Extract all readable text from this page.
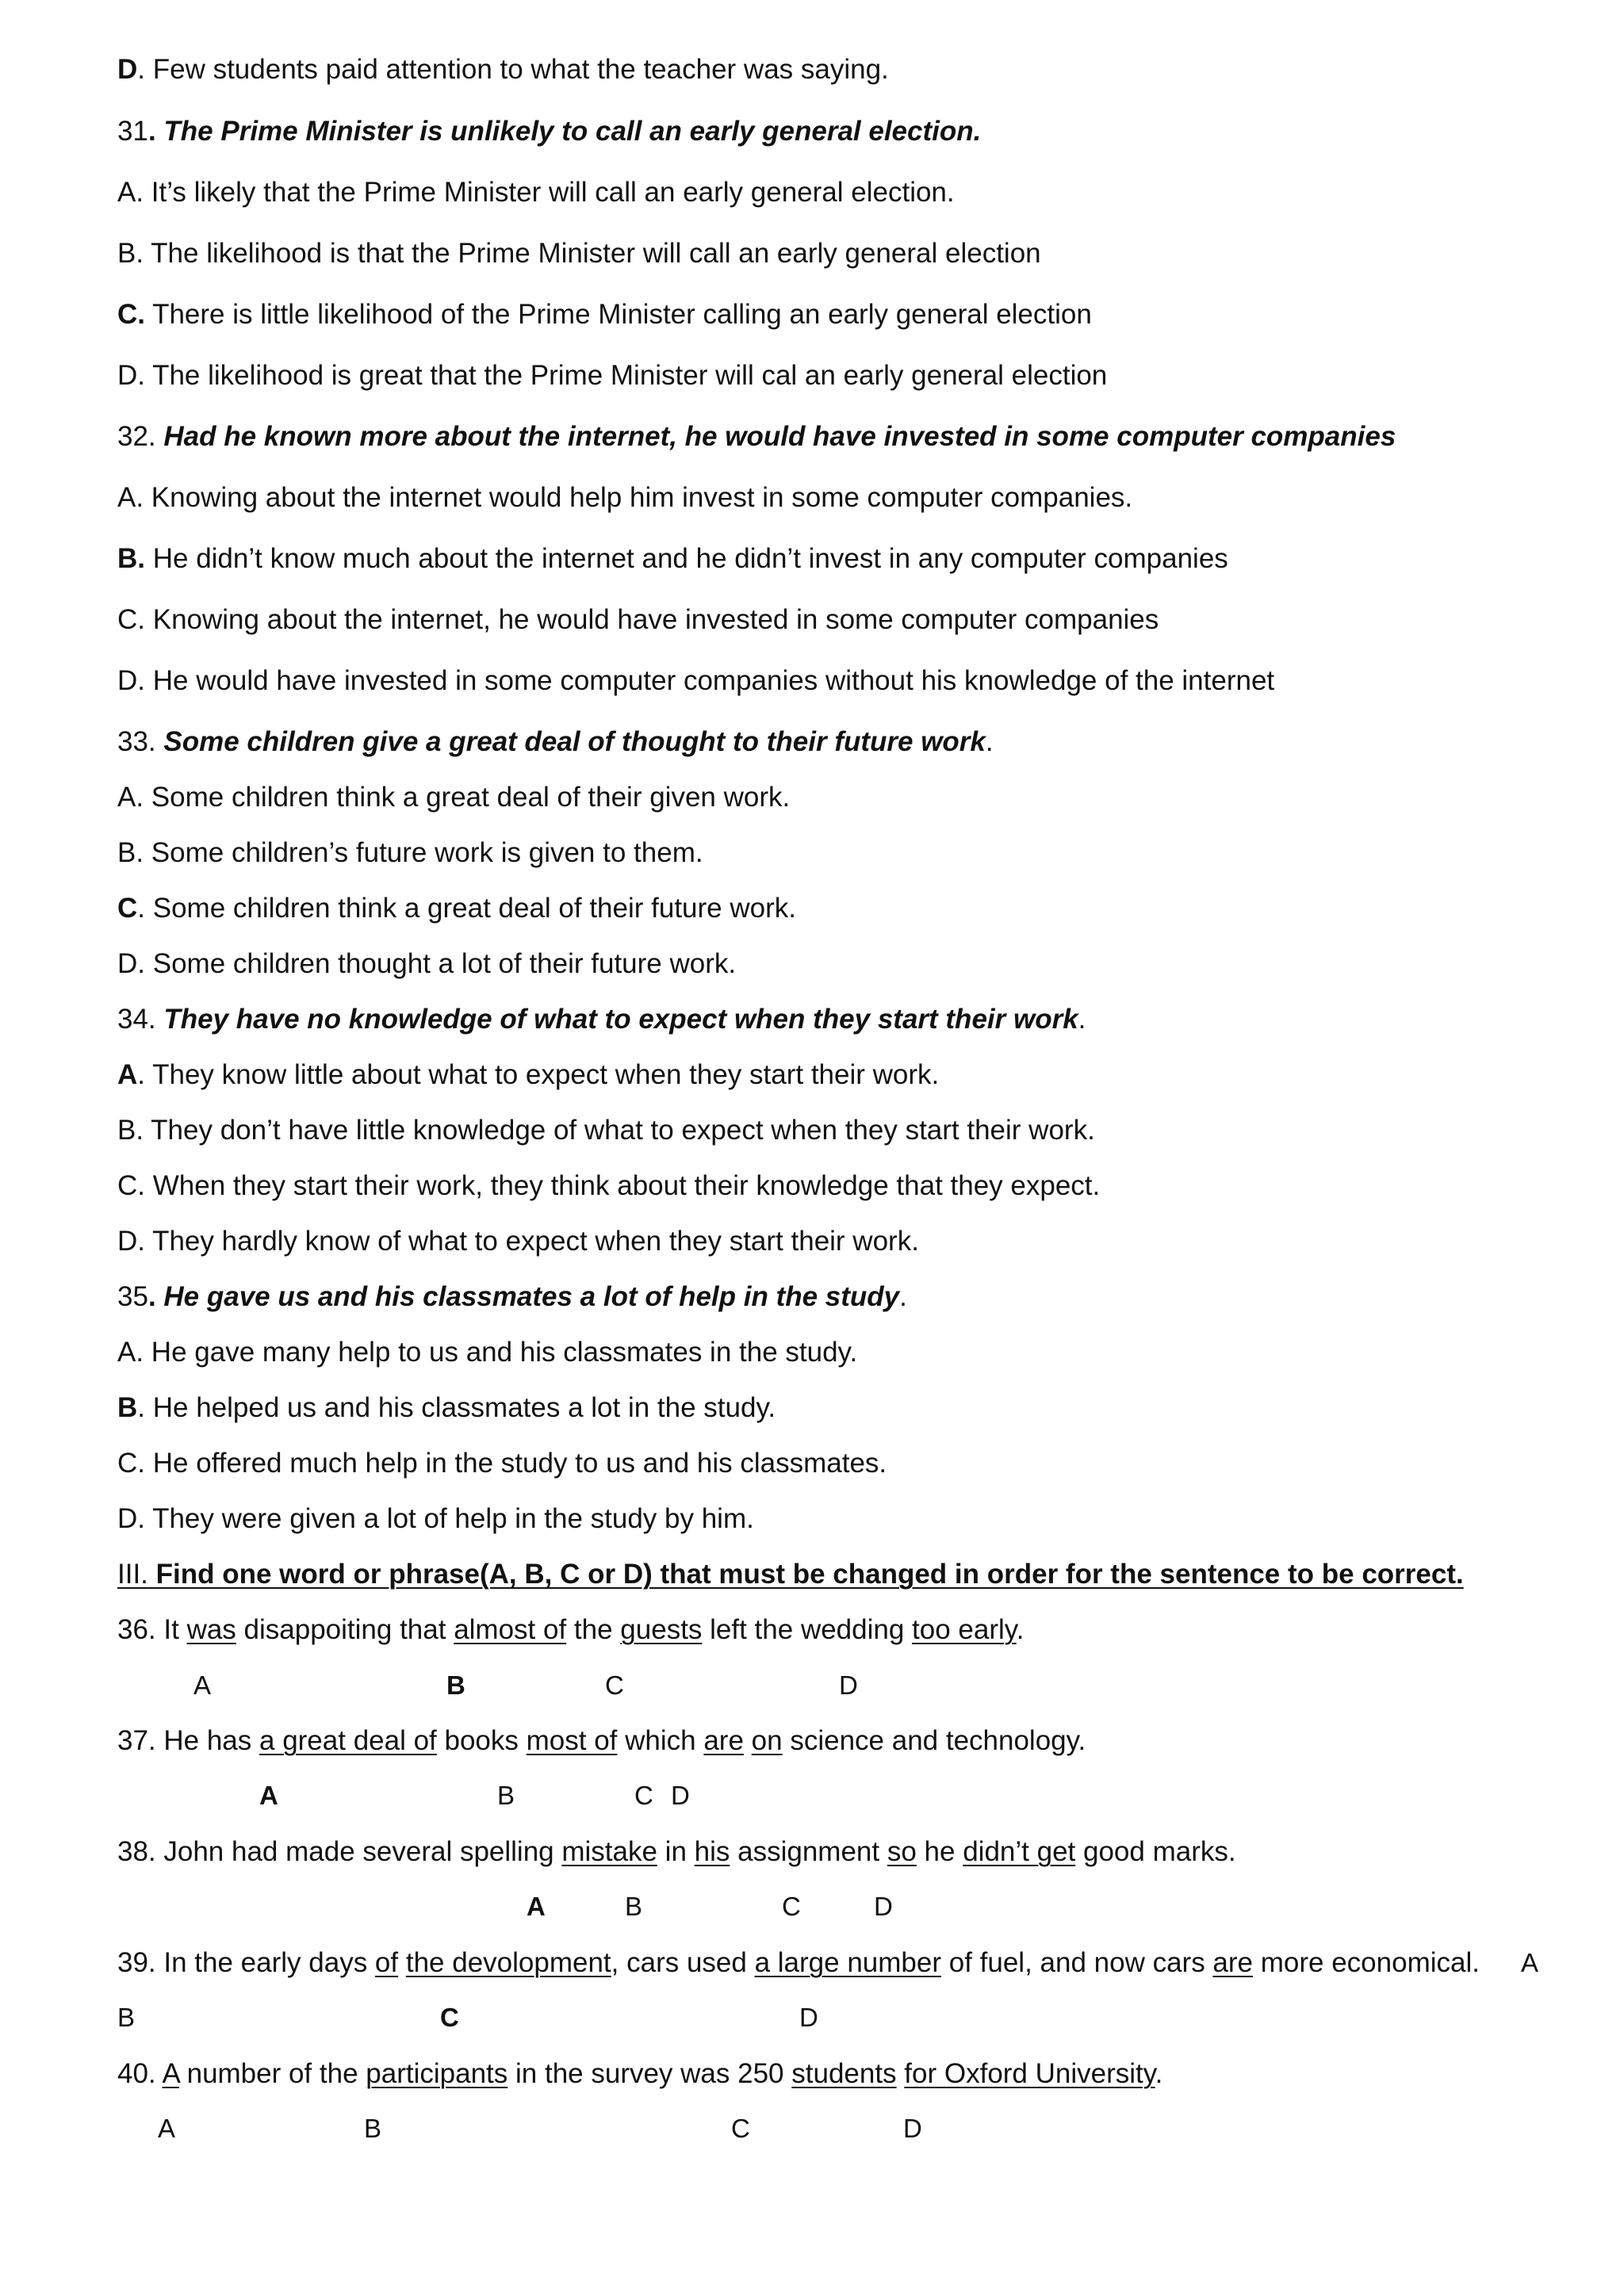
D. Few students paid attention to what the teacher was saying.
31. The Prime Minister is unlikely to call an early general election.
A. It’s likely that the Prime Minister will call an early general election.
B. The likelihood is that the Prime Minister will call an early general election
C. There is little likelihood of the Prime Minister calling an early general election
D. The likelihood is great that the Prime Minister will cal an early general election
32. Had he known more about the internet, he would have invested in some computer companies
A. Knowing about the internet would help him invest in some computer companies.
B. He didn’t know much about the internet and he didn’t invest in any computer companies
C. Knowing about the internet, he would have invested in some computer companies
D. He would have invested in some computer companies without his knowledge of the internet
33. Some children give a great deal of thought to their future work.
A. Some children think a great deal of their given work.
B. Some children’s future work is given to them.
C. Some children think a great deal of their future work.
D. Some children thought a lot of their future work.
34. They have no knowledge of what to expect when they start their work.
A. They know little about what to expect when they start their work.
B. They don’t have little knowledge of what to expect when they start their work.
C. When they start their work, they think about their knowledge that they expect.
D. They hardly know of what to expect when they start their work.
35. He gave us and his classmates a lot of help in the study.
A. He gave many help to us and his classmates in the study.
B. He helped us and his classmates a lot in the study.
C. He offered much help in the study to us and his classmates.
D. They were given a lot of help in the study by him.
III. Find one word or phrase(A, B, C or D) that must be changed in order for the sentence to be correct.
36. It was disappoiting that almost of the guests left the wedding too early.
A	B	C	D
37. He has a great deal of books most of which are on science and technology.
A	B	C D
38. John had made several spelling mistake in his assignment so he didn’t get good marks.
A	B	C	D
39. In the early days of the devolopment, cars used a large number of fuel, and now cars are more economical. A
B	C	D
40. A number of the participants in the survey was 250 students for Oxford University.
A	B	C	D
